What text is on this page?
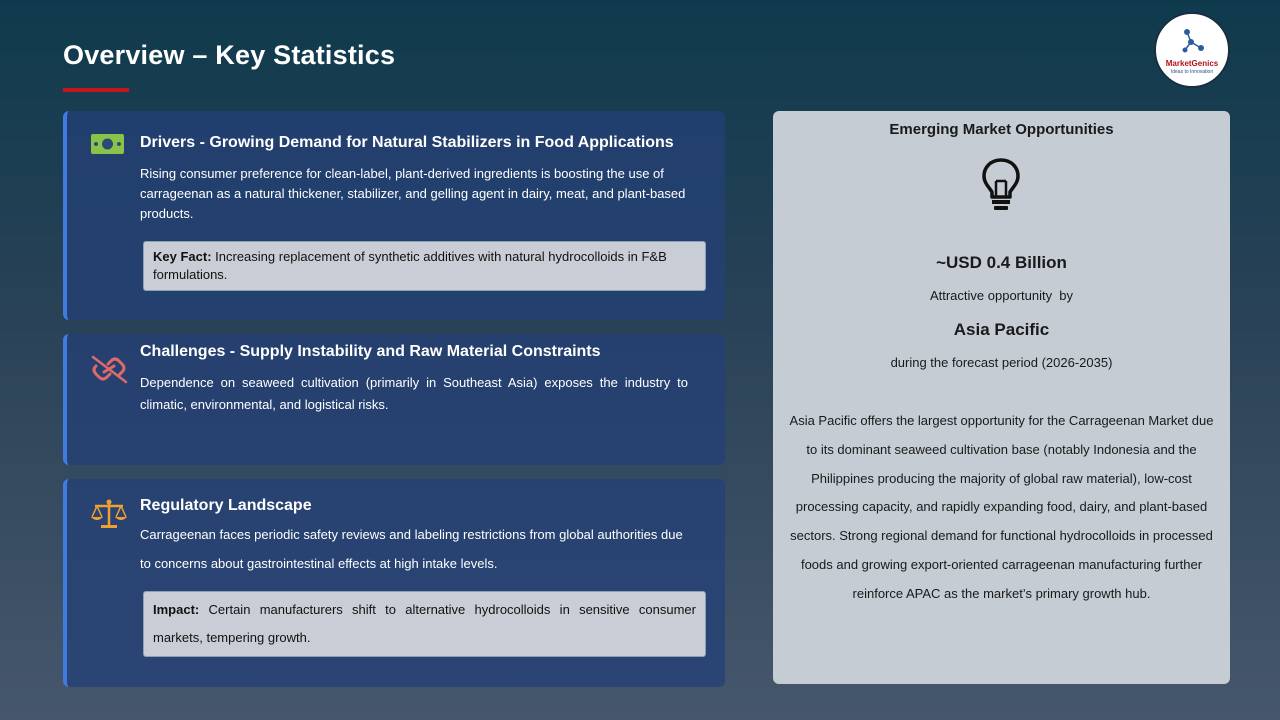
Overview – Key Statistics	MarketGenics
Ideas to Innovation
Drivers - Growing Demand for Natural Stabilizers in Food Applications
Rising consumer preference for clean-label, plant-derived ingredients is boosting the use of carrageenan as a natural thickener, stabilizer, and gelling agent in dairy, meat, and plant-based products.
Key Fact: Increasing replacement of synthetic additives with natural hydrocolloids in F&B formulations.
Challenges - Supply Instability and Raw Material Constraints
Dependence on seaweed cultivation (primarily in Southeast Asia) exposes the industry to climatic, environmental, and logistical risks.
Regulatory Landscape
Carrageenan faces periodic safety reviews and labeling restrictions from global authorities due to concerns about gastrointestinal effects at high intake levels.
Impact: Certain manufacturers shift to alternative hydrocolloids in sensitive consumer markets, tempering growth.
Emerging Market Opportunities
~USD 0.4 Billion
Attractive opportunity  by
Asia Pacific
during the forecast period (2026-2035)
Asia Pacific offers the largest opportunity for the Carrageenan Market due to its dominant seaweed cultivation base (notably Indonesia and the Philippines producing the majority of global raw material), low-cost processing capacity, and rapidly expanding food, dairy, and plant-based sectors. Strong regional demand for functional hydrocolloids in processed foods and growing export-oriented carrageenan manufacturing further reinforce APAC as the market’s primary growth hub.
